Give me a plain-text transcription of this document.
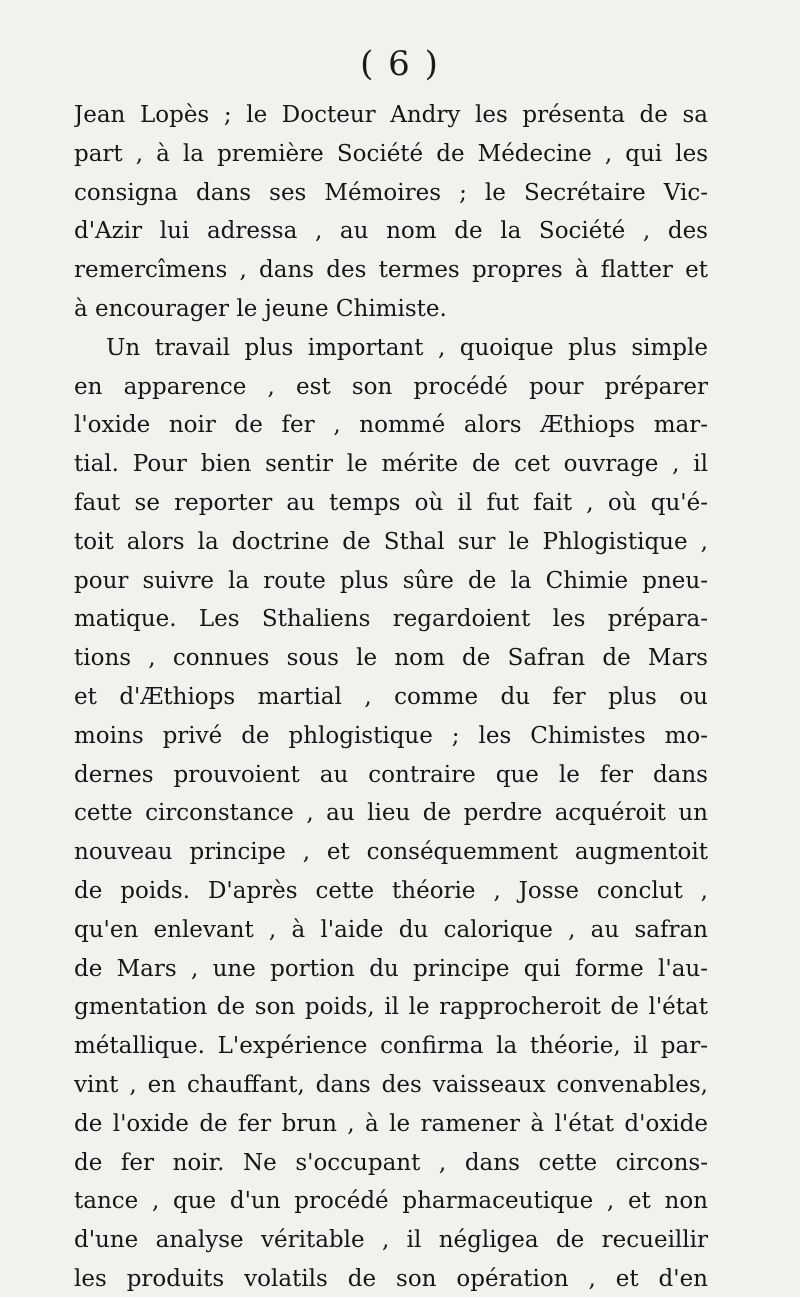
( 6 )
Jean Lopès ; le Docteur Andry les présenta de sa
part , à la première Société de Médecine , qui les
consigna dans ses Mémoires ; le Secrétaire Vic-
d'Azir lui adressa , au nom de la Société , des
remercîmens , dans des termes propres à flatter et
à encourager le jeune Chimiste.
Un travail plus important , quoique plus simple
en apparence , est son procédé pour préparer
l'oxide noir de fer , nommé alors Æthiops mar-
tial. Pour bien sentir le mérite de cet ouvrage , il
faut se reporter au temps où il fut fait , où qu'é-
toit alors la doctrine de Sthal sur le Phlogistique ,
pour suivre la route plus sûre de la Chimie pneu-
matique. Les Sthaliens regardoient les prépara-
tions , connues sous le nom de Safran de Mars
et d'Æthiops martial , comme du fer plus ou
moins privé de phlogistique ; les Chimistes mo-
dernes prouvoient au contraire que le fer dans
cette circonstance , au lieu de perdre acquéroit un
nouveau principe , et conséquemment augmentoit
de poids. D'après cette théorie , Josse conclut ,
qu'en enlevant , à l'aide du calorique , au safran
de Mars , une portion du principe qui forme l'au-
gmentation de son poids, il le rapprocheroit de l'état
métallique. L'expérience confirma la théorie, il par-
vint , en chauffant, dans des vaisseaux convenables,
de l'oxide de fer brun , à le ramener à l'état d'oxide
de fer noir. Ne s'occupant , dans cette circons-
tance , que d'un procédé pharmaceutique , et non
d'une analyse véritable , il négligea de recueillir
les produits volatils de son opération , et d'en
